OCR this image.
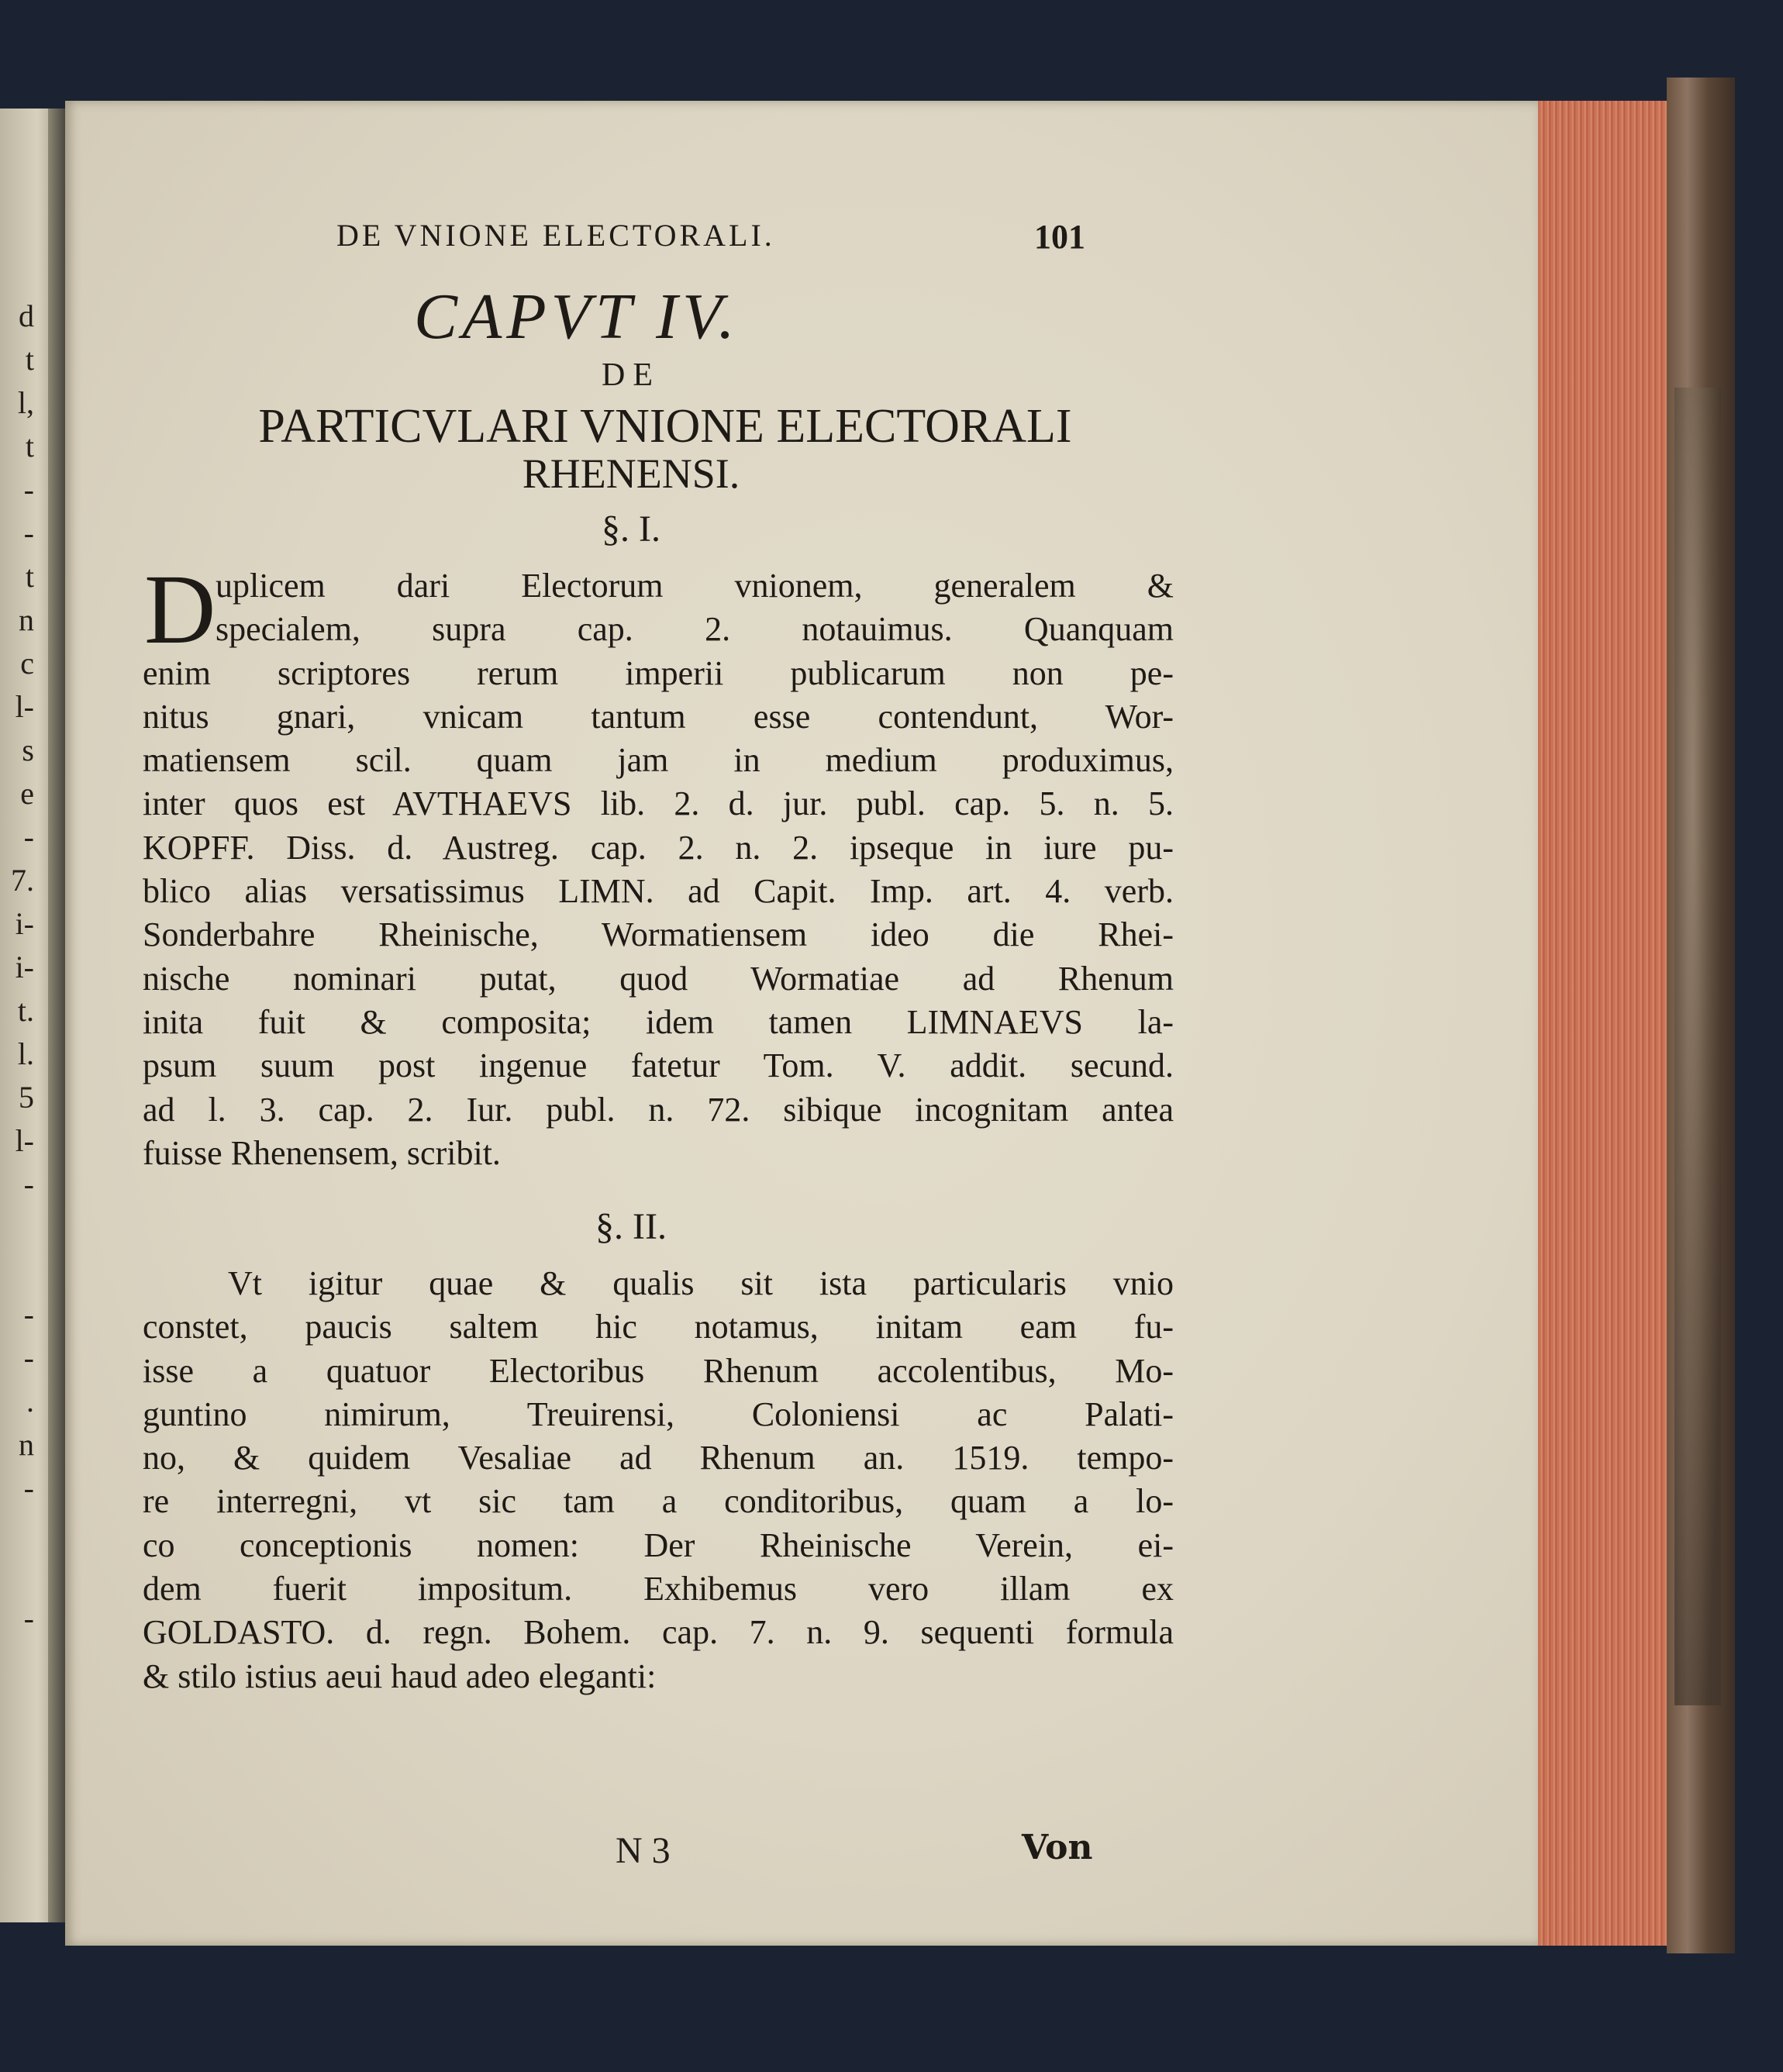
d
t
l,
t
-
-
t
n
c
l-
s
e
-
7.
i-
i-
t.
l.
5
l-
-
-
-
.
n
-
-
DE VNIONE ELECTORALI.	101
CAPVT IV.
DE
PARTICVLARI VNIONE ELECTORALI
RHENENSI.
§. I.
D uplicem dari Electorum vnionem, generalem &
specialem, supra cap. 2. notauimus. Quanquam
enim scriptores rerum imperii publicarum non pe-
nitus gnari, vnicam tantum esse contendunt, Wor-
matiensem scil. quam jam in medium produximus,
inter quos est AVTHAEVS lib. 2. d. jur. publ. cap. 5. n. 5.
KOPFF. Diss. d. Austreg. cap. 2. n. 2. ipseque in iure pu-
blico alias versatissimus LIMN. ad Capit. Imp. art. 4. verb.
Sonderbahre Rheinische, Wormatiensem ideo die Rhei-
nische nominari putat, quod Wormatiae ad Rhenum
inita fuit & composita; idem tamen LIMNAEVS la-
psum suum post ingenue fatetur Tom. V. addit. secund.
ad l. 3. cap. 2. Iur. publ. n. 72. sibique incognitam antea
fuisse Rhenensem, scribit.
§. II.
Vt igitur quae & qualis sit ista particularis vnio
constet, paucis saltem hic notamus, initam eam fu-
isse a quatuor Electoribus Rhenum accolentibus, Mo-
guntino nimirum, Treuirensi, Coloniensi ac Palati-
no, & quidem Vesaliae ad Rhenum an. 1519. tempo-
re interregni, vt sic tam a conditoribus, quam a lo-
co conceptionis nomen: Der Rheinische Verein, ei-
dem fuerit impositum. Exhibemus vero illam ex
GOLDASTO. d. regn. Bohem. cap. 7. n. 9. sequenti formula
& stilo istius aeui haud adeo eleganti:
N 3	Von
